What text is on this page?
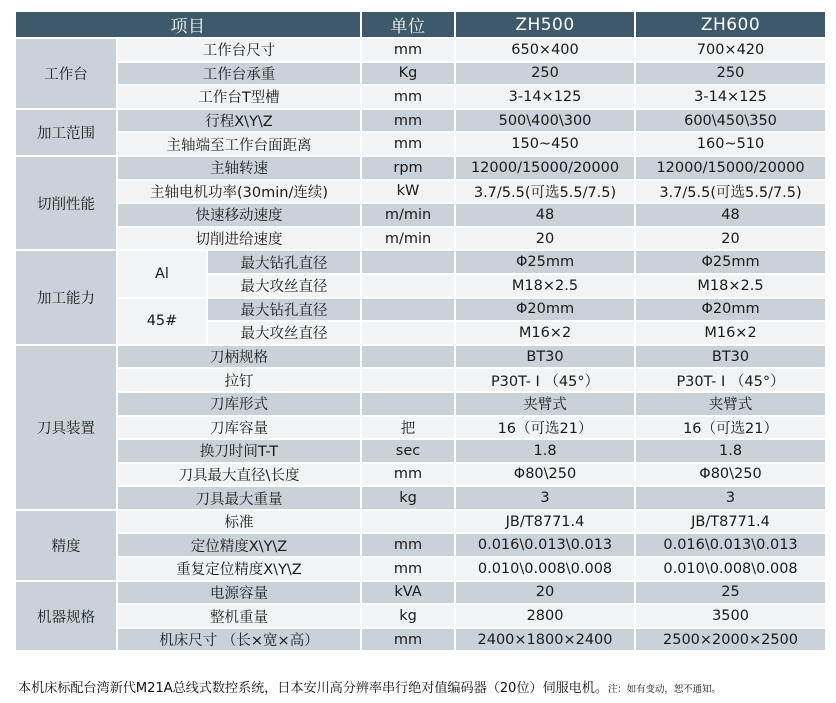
项目			单位	ZH500	ZH600
工作台	工作台尺寸		mm	650×400	700×420
	工作台承重		Kg	250	250
	工作台T型槽		mm	3-14×125	3-14×125
加工范围	行程X\Y\Z		mm	500\400\300	600\450\350
	主轴端至工作台面距离		mm	150~450	160~510
切削性能	主轴转速		rpm	12000/15000/20000	12000/15000/20000
	主轴电机功率(30min/连续)		kW	3.7/5.5(可选5.5/7.5)	3.7/5.5(可选5.5/7.5)
	快速移动速度		m/min	48	48
	切削进给速度		m/min	20	20
加工能力	Al	最大钻孔直径		Φ25mm	Φ25mm
		最大攻丝直径		M18×2.5	M18×2.5
	45#	最大钻孔直径		Φ20mm	Φ20mm
		最大攻丝直径		M16×2	M16×2
刀具装置	刀柄规格			BT30	BT30
	拉钉			P30T- I （45°）	P30T- I （45°）
	刀库形式			夹臂式	夹臂式
	刀库容量		把	16（可选21）	16（可选21）
	换刀时间T-T		sec	1.8	1.8
	刀具最大直径\长度		mm	Φ80\250	Φ80\250
	刀具最大重量		kg	3	3
精度	标准			JB/T8771.4	JB/T8771.4
	定位精度X\Y\Z		mm	0.016\0.013\0.013	0.016\0.013\0.013
	重复定位精度X\Y\Z		mm	0.010\0.008\0.008	0.010\0.008\0.008
机器规格	电源容量		kVA	20	25
	整机重量		kg	2800	3500
	机床尺寸 （长×宽×高）		mm	2400×1800×2400	2500×2000×2500
本机床标配台湾新代M21A总线式数控系统，日本安川高分辨率串行绝对值编码器（20位）伺服电机。注：如有变动，恕不通知。
